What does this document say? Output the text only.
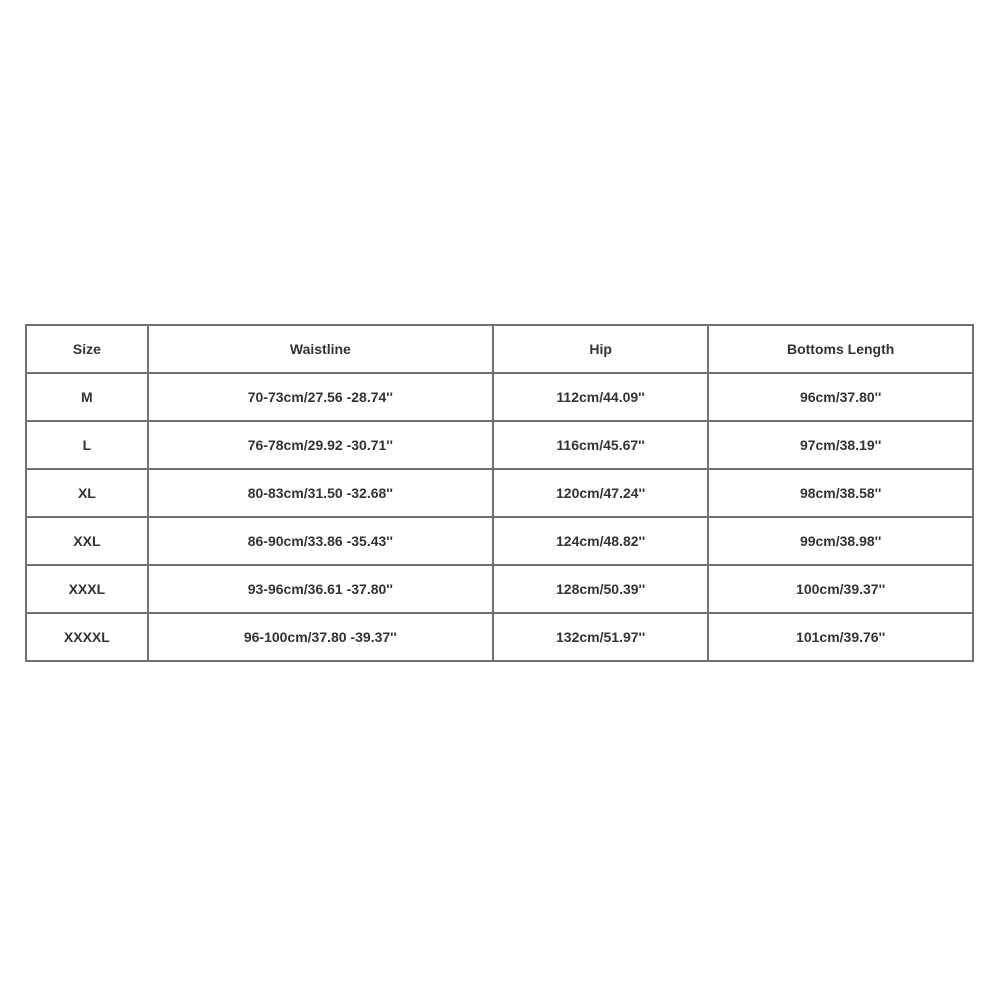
Size	Waistline	Hip	Bottoms Length
M	70-73cm/27.56 -28.74''	112cm/44.09''	96cm/37.80''
L	76-78cm/29.92 -30.71''	116cm/45.67''	97cm/38.19''
XL	80-83cm/31.50 -32.68''	120cm/47.24''	98cm/38.58''
XXL	86-90cm/33.86 -35.43''	124cm/48.82''	99cm/38.98''
XXXL	93-96cm/36.61 -37.80''	128cm/50.39''	100cm/39.37''
XXXXL	96-100cm/37.80 -39.37''	132cm/51.97''	101cm/39.76''
